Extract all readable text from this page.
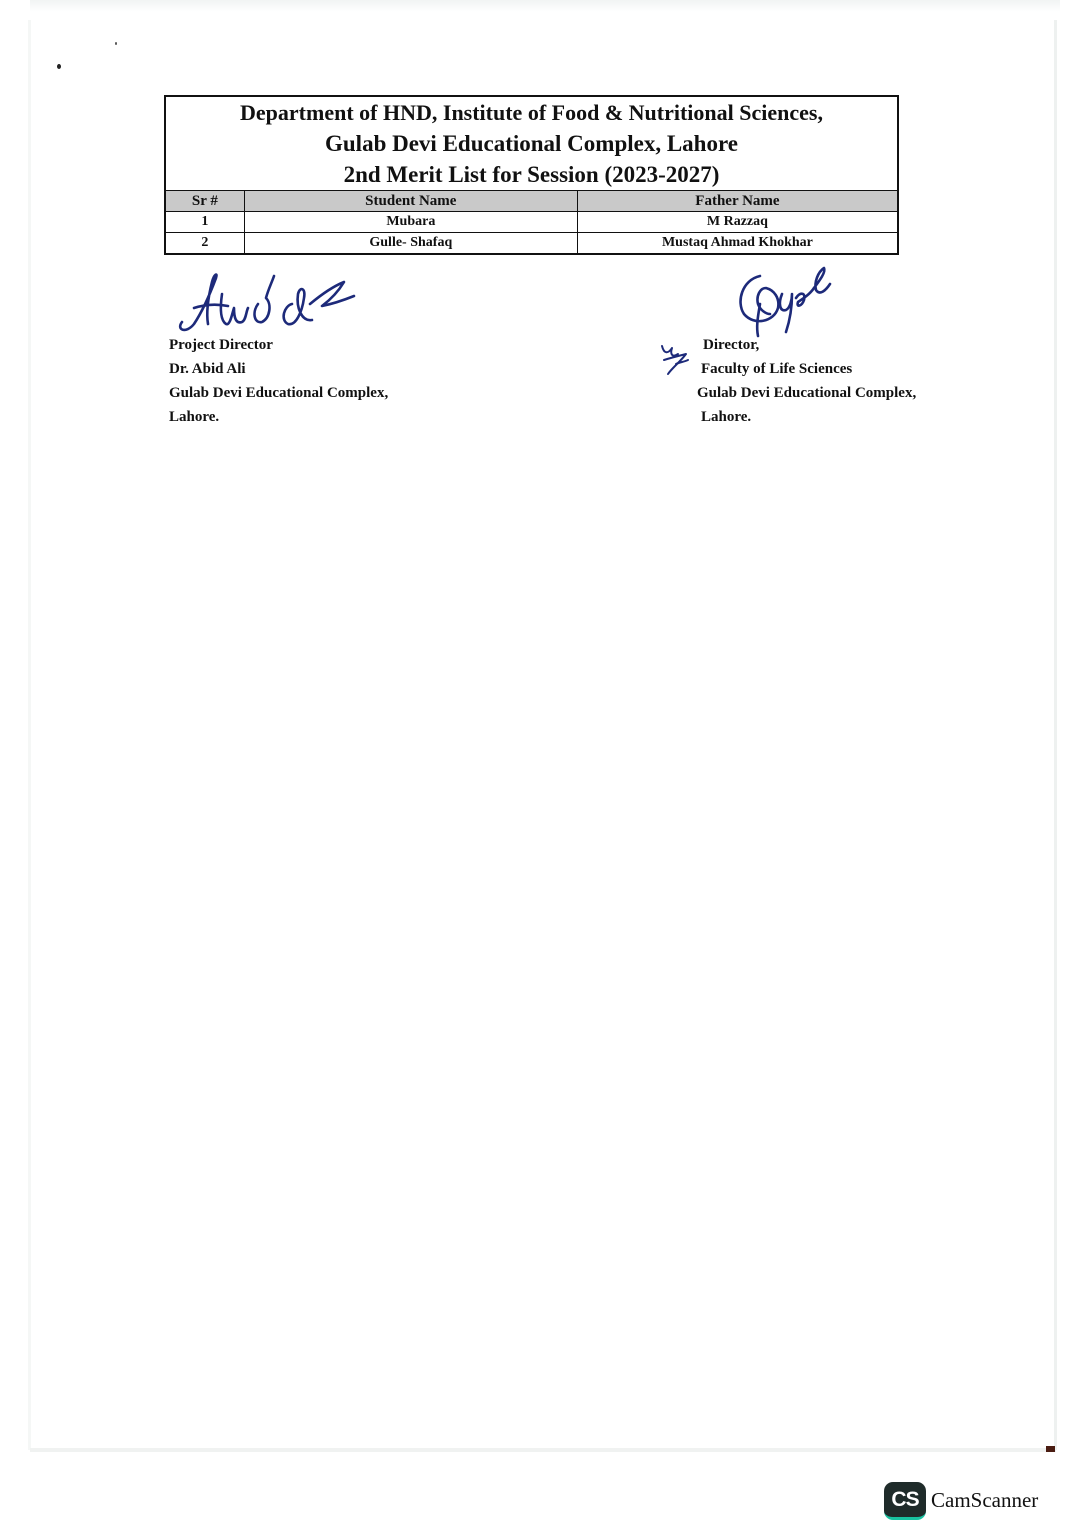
Department of HND, Institute of Food & Nutritional Sciences,
Gulab Devi Educational Complex, Lahore
2nd Merit List for Session (2023-2027)		

Sr #	Student Name	Father Name
1	Mubara	M Razzaq
2	Gulle- Shafaq	Mustaq Ahmad Khokhar
Project Director
Dr. Abid Ali
Gulab Devi Educational Complex,
Lahore.
Director,
Faculty of Life Sciences
Gulab Devi Educational Complex,
Lahore.
CS CamScanner
